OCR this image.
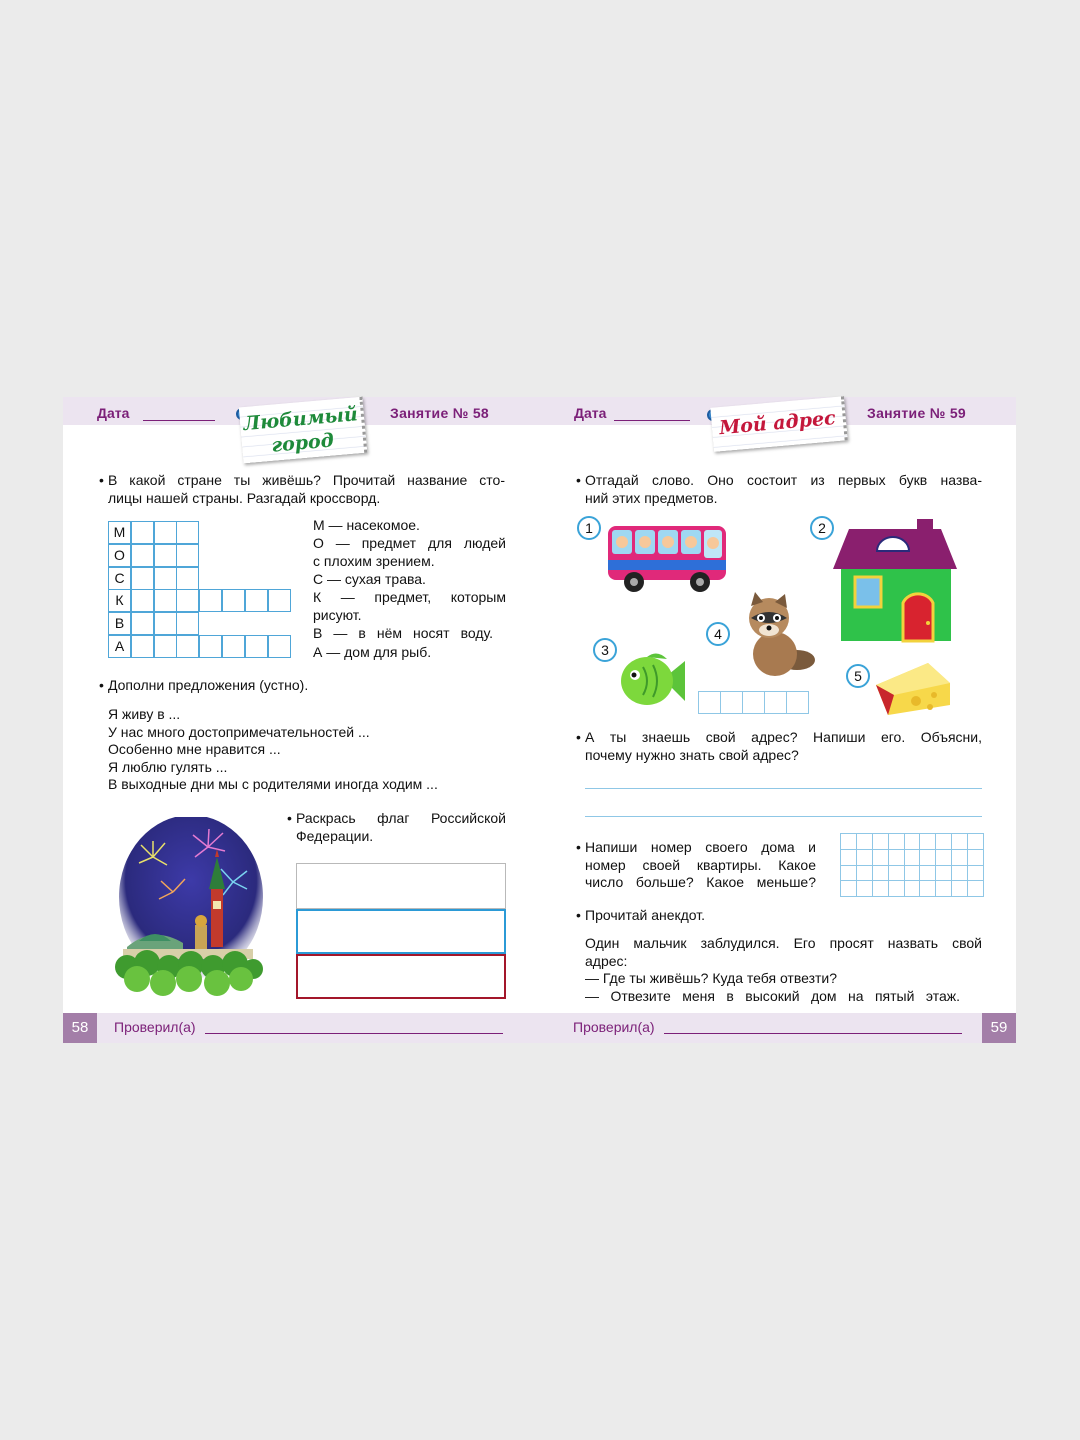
Дата	Занятие № 58
Любимый
город
• В какой стране ты живёшь? Прочитай название сто-
лицы нашей страны. Разгадай кроссворд.
М
О
С
К
В
А
М — насекомое.
О — предмет для людей
с плохим зрением.
С — сухая трава.
К — предмет, которым
рисуют.
В — в нём носят воду.
А — дом для рыб.
• Дополни предложения (устно).
Я живу в ...
У нас много достопримечательностей ...
Особенно мне нравится ...
Я люблю гулять ...
В выходные дни мы с родителями иногда ходим ...
• Раскрась флаг Российской
Федерации.
58	Проверил(а)
Дата	Занятие № 59
Мой адрес
• Отгадай слово. Оно состоит из первых букв назва-
ний этих предметов.
1	2
3
4
5
• А ты знаешь свой адрес? Напиши его. Объясни,
почему нужно знать свой адрес?
• Напиши номер своего дома и
номер своей квартиры. Какое
число больше? Какое меньше?
• Прочитай анекдот.
Один мальчик заблудился. Его просят назвать свой
адрес:
— Где ты живёшь? Куда тебя отвезти?
— Отвезите меня в высокий дом на пятый этаж.
59
Проверил(а)
